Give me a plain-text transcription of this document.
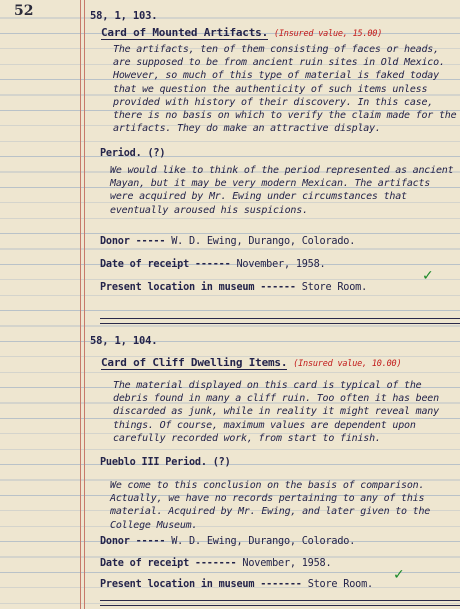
52	58, 1, 103.
Card of Mounted Artifacts. (Insured value, 15.00)
The artifacts, ten of them consisting of faces or heads, are supposed to be from ancient ruin sites in Old Mexico. However, so much of this type of material is faked today that we question the authenticity of such items unless provided with history of their discovery. In this case, there is no basis on which to verify the claim made for the artifacts. They do make an attractive display.
Period. (?)
We would like to think of the period represented as ancient Mayan, but it may be very modern Mexican. The artifacts were acquired by Mr. Ewing under circumstances that eventually aroused his suspicions.
Donor ----- W. D. Ewing, Durango, Colorado.
Date of receipt ------ November, 1958.
Present location in museum ------ Store Room.
✓
58, 1, 104.
Card of Cliff Dwelling Items. (Insured value, 10.00)
The material displayed on this card is typical of the debris found in many a cliff ruin. Too often it has been discarded as junk, while in reality it might reveal many things. Of course, maximum values are dependent upon carefully recorded work, from start to finish.
Pueblo III Period. (?)
We come to this conclusion on the basis of comparison. Actually, we have no records pertaining to any of this material. Acquired by Mr. Ewing, and later given to the College Museum.
Donor ----- W. D. Ewing, Durango, Colorado.
Date of receipt ------- November, 1958.
Present location in museum ------- Store Room.
✓
